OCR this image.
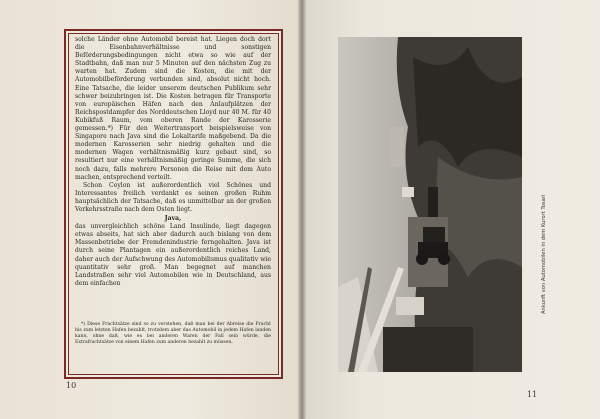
solche Länder ohne Automobil bereist hat. Liegen doch dort die Eisenbahnverhältnisse und sonstigen Beförderungsbedingungen nicht etwa so wie auf der Stadtbahn, daß man nur 5 Minuten auf den nächsten Zug zu warten hat. Zudem sind die Kosten, die mit der Automobilbeförderung verbunden sind, absolut nicht hoch. Eine Tatsache, die leider unserem deutschen Publikum sehr schwer beizubringen ist. Die Kosten betragen für Transporte von europäischen Häfen nach den Anlaufplätzen der Reichspostdampfer des Norddeutschen Lloyd nur 40 M. für 40 Kubikfuß Raum, vom oberen Rande der Karosserie gemessen.*) Für den Weitertransport beispielsweise von Singapore nach Java sind die Lokaltarife maßgebend. Da die modernen Karosserien sehr niedrig gehalten und die modernen Wagen verhältnismäßig kurz gebaut sind, so resultiert nur eine verhältnismäßig geringe Summe, die sich noch dazu, falls mehrere Personen die Reise mit dem Auto machen, entsprechend verteilt.

Schon Ceylon ist außerordentlich viel Schönes und Interessantes freilich verdankt es seinen großen Ruhm hauptsächlich der Tatsache, daß es unmittelbar an der großen Verkehrsstraße nach dem Osten liegt.

Java,

das unvergleichlich schöne Land Insulinde, liegt dagegen etwas abseits, hat sich aber dadurch auch bislang von dem Massenbetriebe der Fremdenindustrie ferngehalten. Java ist durch seine Plantagen ein außerordentlich reiches Land, daher auch der Aufschwung des Automobilismus qualitativ wie quantitativ sehr groß. Man begegnet auf manchen Landstraßen sehr viel Automobilen wie in Deutschland, aus dem einfachen

*) Diese Frachtsätze sind so zu verstehen, daß man bei der Abreise die Fracht bis zum letzten Hafen bezahlt, trotzdem aber das Automobil in jedem Hafen landen kann, ohne daß, wie es bei anderen Waren der Fall sein würde, die Extrafrachtsätze von einem Hafen zum anderen bezahlt zu müssen.

10
Ankunft von Automobilen in dem Kurort Tosari
11
